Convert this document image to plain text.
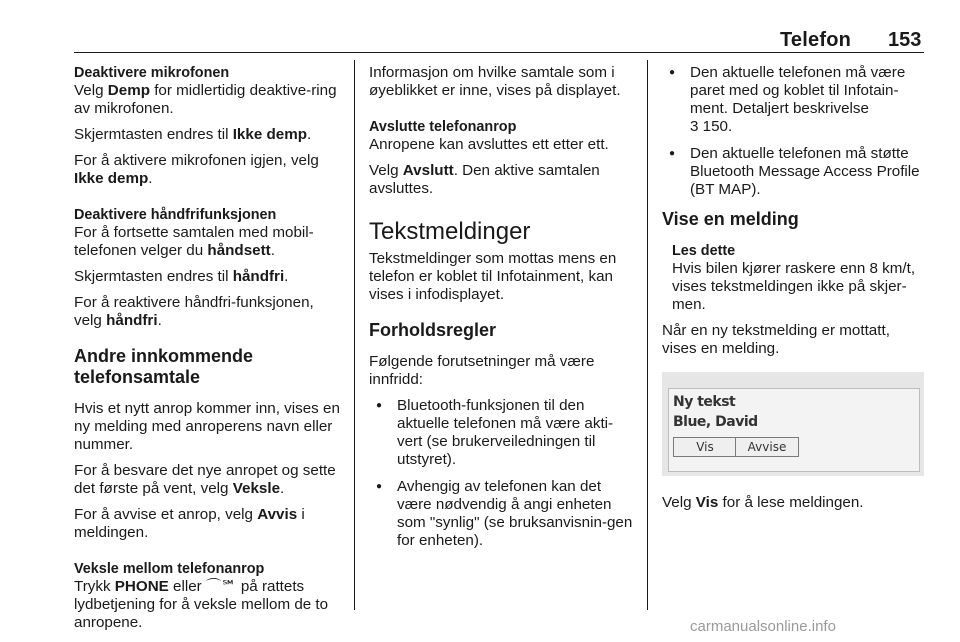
Telefon 153
Deaktivere mikrofonen

Velg Demp for midlertidig deaktive-ring av mikrofonen.

Skjermtasten endres til Ikke demp.

For å aktivere mikrofonen igjen, velg Ikke demp.

Deaktivere håndfrifunksjonen

For å fortsette samtalen med mobil-telefonen velger du håndsett.

Skjermtasten endres til håndfri.

For å reaktivere håndfri-funksjonen, velg håndfri.

Andre innkommende telefonsamtale

Hvis et nytt anrop kommer inn, vises en ny melding med anroperens navn eller nummer.

For å besvare det nye anropet og sette det første på vent, velg Veksle.

For å avvise et anrop, velg Avvis i meldingen.

Veksle mellom telefonanrop

Trykk PHONE eller ⌒℠ på rattets lydbetjening for å veksle mellom de to anropene.

Informasjon om hvilke samtale som i øyeblikket er inne, vises på displayet.

Avslutte telefonanrop

Anropene kan avsluttes ett etter ett.

Velg Avslutt. Den aktive samtalen avsluttes.

Tekstmeldinger

Tekstmeldinger som mottas mens en telefon er koblet til Infotainment, kan vises i infodisplayet.

Forholdsregler

Følgende forutsetninger må være innfridd:

● Bluetooth-funksjonen til den aktuelle telefonen må være akti-vert (se brukerveiledningen til utstyret).
● Avhengig av telefonen kan det være nødvendig å angi enheten som "synlig" (se bruksanvisnin-gen for enheten).
● Den aktuelle telefonen må være paret med og koblet til Infotain-ment. Detaljert beskrivelse
3 150.
● Den aktuelle telefonen må støtte Bluetooth Message Access Profile (BT MAP).
Vise en melding
Les dette

Hvis bilen kjører raskere enn 8 km/t, vises tekstmeldingen ikke på skjer-men.

Når en ny tekstmelding er mottatt, vises en melding.

Ny tekst
Blue, David
Vis	Avvise

Velg Vis for å lese meldingen.

carmanualsonline.info
